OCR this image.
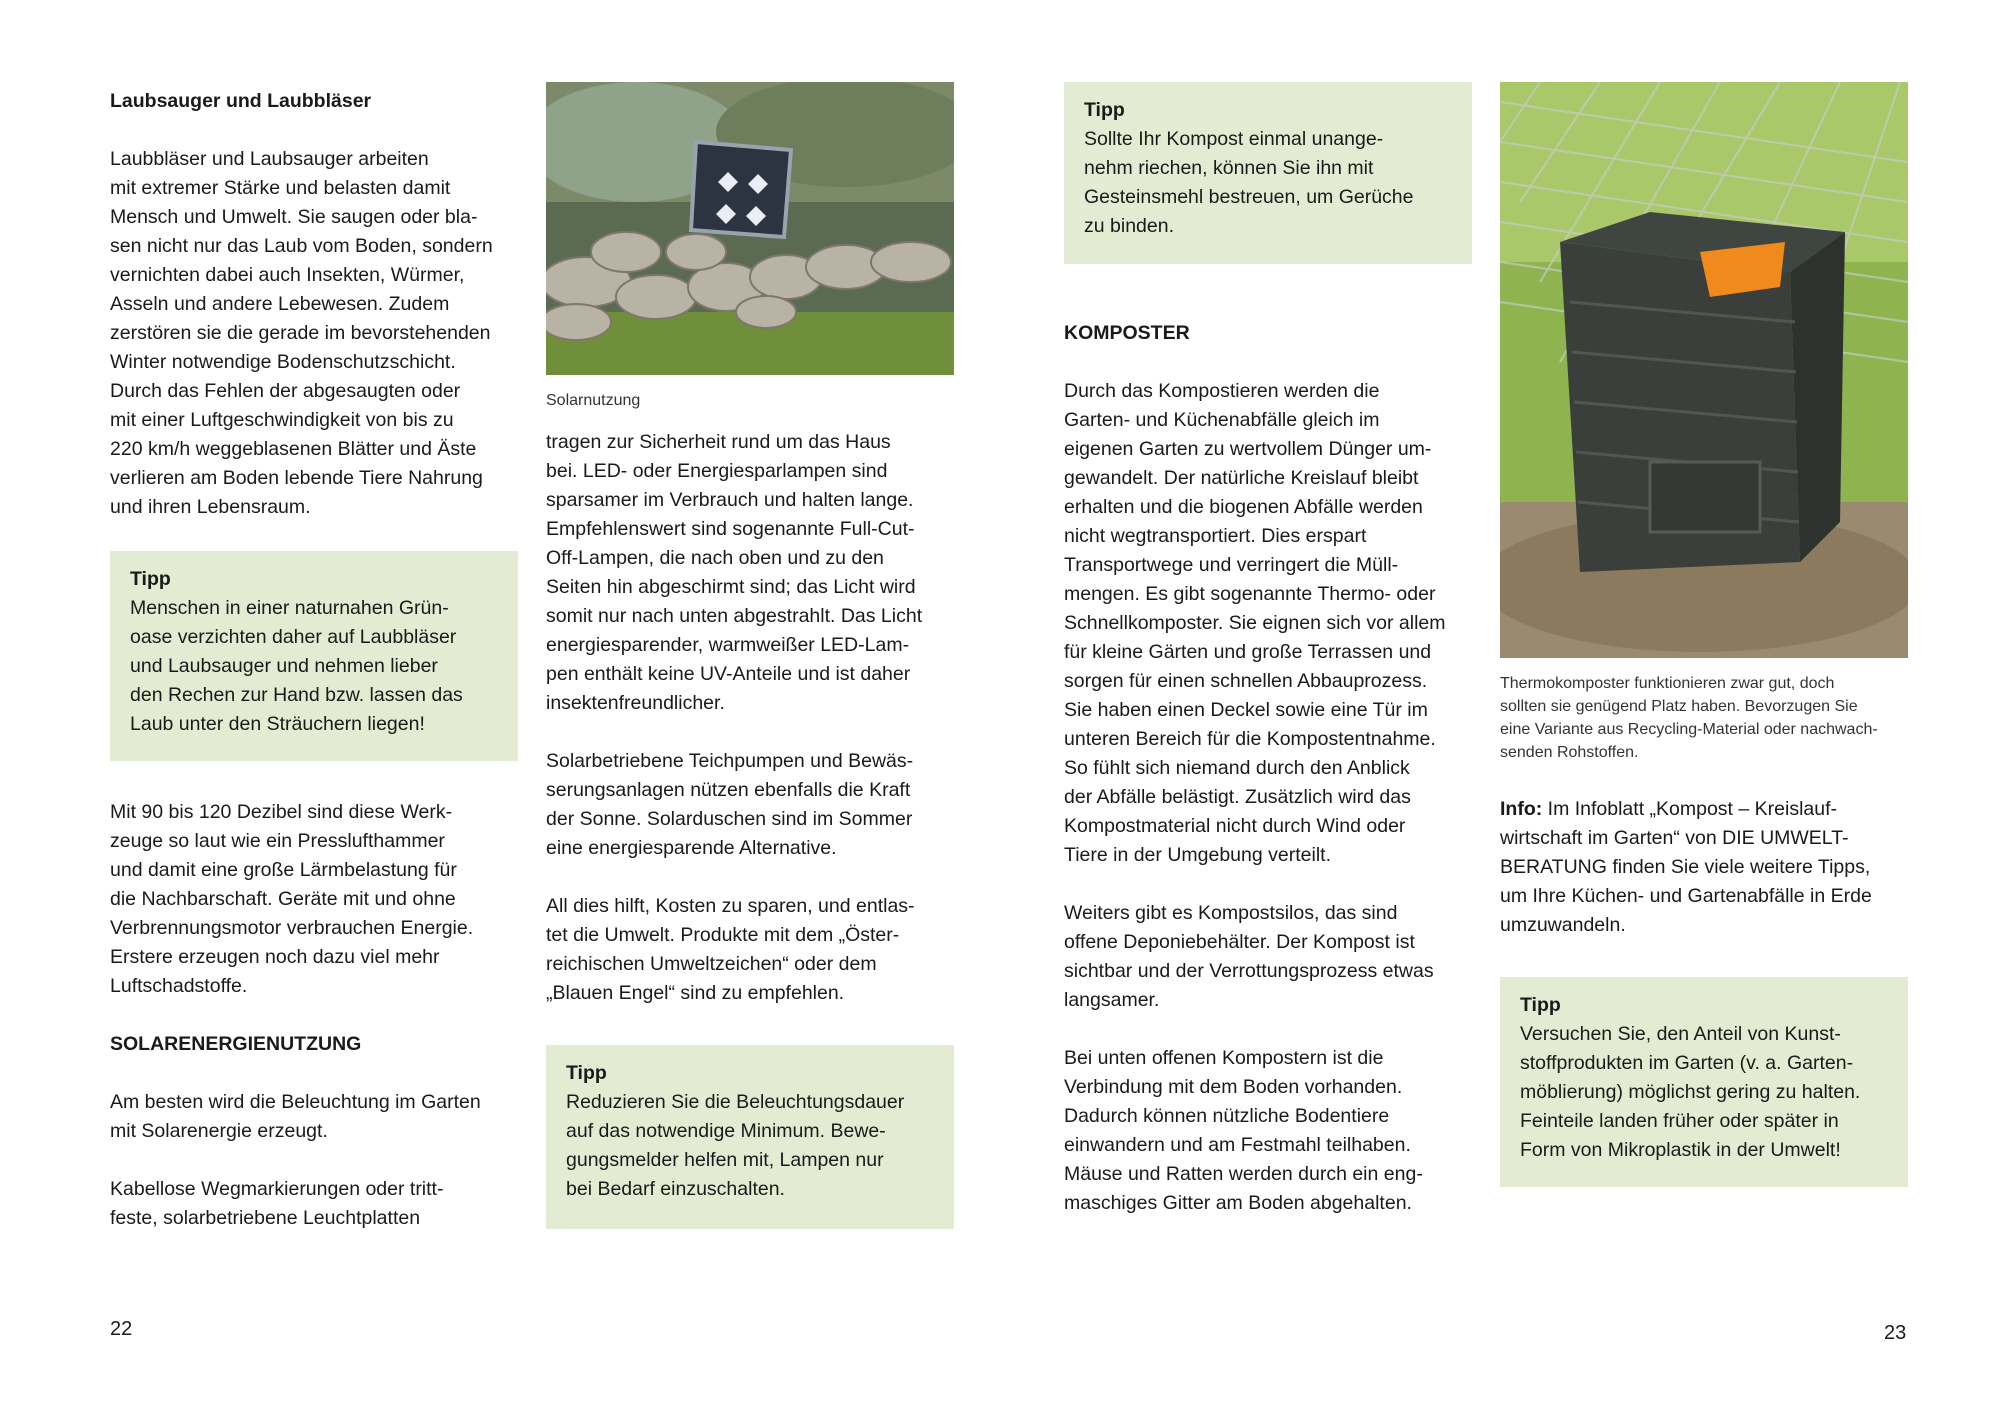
Laubsauger und Laubbläser
Laubbläser und Laubsauger arbeiten
mit extremer Stärke und belasten damit
Mensch und Umwelt. Sie saugen oder bla-
sen nicht nur das Laub vom Boden, sondern
vernichten dabei auch Insekten, Würmer,
Asseln und andere Lebewesen. Zudem
zerstören sie die gerade im bevorstehenden
Winter notwendige Bodenschutzschicht.
Durch das Fehlen der abgesaugten oder
mit einer Luftgeschwindigkeit von bis zu
220 km/h weggeblasenen Blätter und Äste
verlieren am Boden lebende Tiere Nahrung
und ihren Lebensraum.
Tipp
Menschen in einer naturnahen Grün-
oase verzichten daher auf Laubbläser
und Laubsauger und nehmen lieber
den Rechen zur Hand bzw. lassen das
Laub unter den Sträuchern liegen!
Mit 90 bis 120 Dezibel sind diese Werk-
zeuge so laut wie ein Presslufthammer
und damit eine große Lärmbelastung für
die Nachbarschaft. Geräte mit und ohne
Verbrennungsmotor verbrauchen Energie.
Erstere erzeugen noch dazu viel mehr
Luftschadstoffe.
SOLARENERGIENUTZUNG
Am besten wird die Beleuchtung im Garten
mit Solarenergie erzeugt.
Kabellose Wegmarkierungen oder tritt-
feste, solarbetriebene Leuchtplatten
Solarnutzung
tragen zur Sicherheit rund um das Haus
bei. LED- oder Energiesparlampen sind
sparsamer im Verbrauch und halten lange.
Empfehlenswert sind sogenannte Full-Cut-
Off-Lampen, die nach oben und zu den
Seiten hin abgeschirmt sind; das Licht wird
somit nur nach unten abgestrahlt. Das Licht
energiesparender, warmweißer LED-Lam-
pen enthält keine UV-Anteile und ist daher
insektenfreundlicher.
Solarbetriebene Teichpumpen und Bewäs-
serungsanlagen nützen ebenfalls die Kraft
der Sonne. Solarduschen sind im Sommer
eine energiesparende Alternative.
All dies hilft, Kosten zu sparen, und entlas-
tet die Umwelt. Produkte mit dem „Öster-
reichischen Umweltzeichen“ oder dem
„Blauen Engel“ sind zu empfehlen.
Tipp
Reduzieren Sie die Beleuchtungsdauer
auf das notwendige Minimum. Bewe-
gungsmelder helfen mit, Lampen nur
bei Bedarf einzuschalten.
22
Tipp
Sollte Ihr Kompost einmal unange-
nehm riechen, können Sie ihn mit
Gesteinsmehl bestreuen, um Gerüche
zu binden.
KOMPOSTER
Durch das Kompostieren werden die
Garten- und Küchenabfälle gleich im
eigenen Garten zu wertvollem Dünger um-
gewandelt. Der natürliche Kreislauf bleibt
erhalten und die biogenen Abfälle werden
nicht wegtransportiert. Dies erspart
Transportwege und verringert die Müll-
mengen. Es gibt sogenannte Thermo- oder
Schnellkomposter. Sie eignen sich vor allem
für kleine Gärten und große Terrassen und
sorgen für einen schnellen Abbauprozess.
Sie haben einen Deckel sowie eine Tür im
unteren Bereich für die Kompostentnahme.
So fühlt sich niemand durch den Anblick
der Abfälle belästigt. Zusätzlich wird das
Kompostmaterial nicht durch Wind oder
Tiere in der Umgebung verteilt.
Weiters gibt es Kompostsilos, das sind
offene Deponiebehälter. Der Kompost ist
sichtbar und der Verrottungsprozess etwas
langsamer.
Bei unten offenen Kompostern ist die
Verbindung mit dem Boden vorhanden.
Dadurch können nützliche Bodentiere
einwandern und am Festmahl teilhaben.
Mäuse und Ratten werden durch ein eng-
maschiges Gitter am Boden abgehalten.
Thermokomposter funktionieren zwar gut, doch
sollten sie genügend Platz haben. Bevorzugen Sie
eine Variante aus Recycling-Material oder nachwach-
senden Rohstoffen.
Info: Im Infoblatt „Kompost – Kreislauf-
wirtschaft im Garten“ von DIE UMWELT-
BERATUNG finden Sie viele weitere Tipps,
um Ihre Küchen- und Gartenabfälle in Erde
umzuwandeln.
Tipp
Versuchen Sie, den Anteil von Kunst-
stoffprodukten im Garten (v. a. Garten-
möblierung) möglichst gering zu halten.
Feinteile landen früher oder später in
Form von Mikroplastik in der Umwelt!
23
